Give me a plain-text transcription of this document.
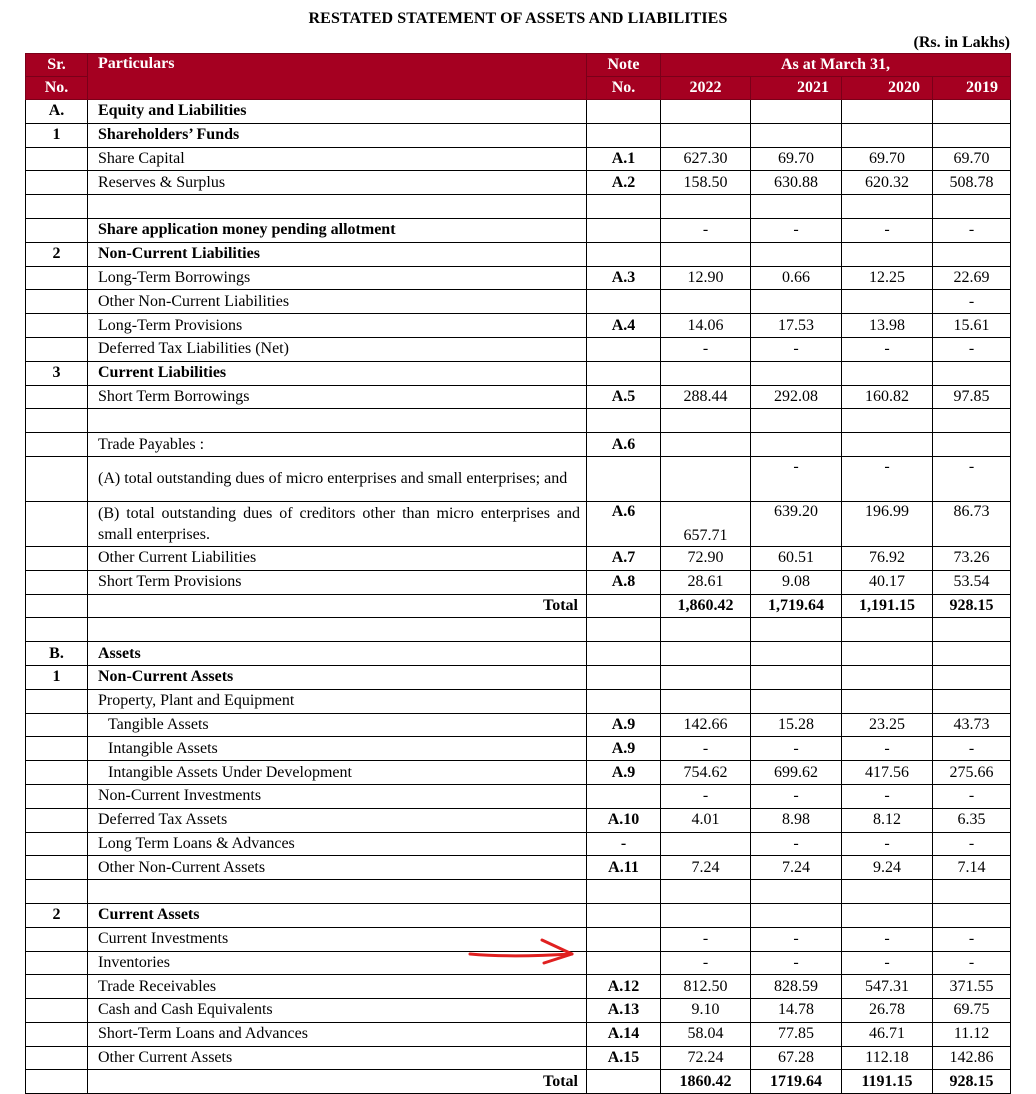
RESTATED STATEMENT OF ASSETS AND LIABILITIES
(Rs. in Lakhs)
Sr.	Particulars	Note	As at March 31,			
No.		No.	2022	2021	2020	2019
A.	Equity and Liabilities					
1	Shareholders’ Funds					
	Share Capital	A.1	627.30	69.70	69.70	69.70
	Reserves & Surplus	A.2	158.50	630.88	620.32	508.78

	Share application money pending allotment		-	-	-	-
2	Non-Current Liabilities					
	Long-Term Borrowings	A.3	12.90	0.66	12.25	22.69
	Other Non-Current Liabilities					-
	Long-Term Provisions	A.4	14.06	17.53	13.98	15.61
	Deferred Tax Liabilities (Net)		-	-	-	-
3	Current Liabilities					
	Short Term Borrowings	A.5	288.44	292.08	160.82	97.85

	Trade Payables :	A.6				
	(A) total outstanding dues of micro enterprises and small enterprises; and			-	-	-
	(B) total outstanding dues of creditors other than micro enterprises and small enterprises.	A.6	657.71	639.20	196.99	86.73
	Other Current Liabilities	A.7	72.90	60.51	76.92	73.26
	Short Term Provisions	A.8	28.61	9.08	40.17	53.54
	Total		1,860.42	1,719.64	1,191.15	928.15

B.	Assets					
1	Non-Current Assets					
	Property, Plant and Equipment					
	Tangible Assets	A.9	142.66	15.28	23.25	43.73
	Intangible Assets	A.9	-	-	-	-
	Intangible Assets Under Development	A.9	754.62	699.62	417.56	275.66
	Non-Current Investments		-	-	-	-
	Deferred Tax Assets	A.10	4.01	8.98	8.12	6.35
	Long Term Loans & Advances	-		-	-	-
	Other Non-Current Assets	A.11	7.24	7.24	9.24	7.14

2	Current Assets					
	Current Investments		-	-	-	-
	Inventories		-	-	-	-
	Trade Receivables	A.12	812.50	828.59	547.31	371.55
	Cash and Cash Equivalents	A.13	9.10	14.78	26.78	69.75
	Short-Term Loans and Advances	A.14	58.04	77.85	46.71	11.12
	Other Current Assets	A.15	72.24	67.28	112.18	142.86
	Total		1860.42	1719.64	1191.15	928.15
